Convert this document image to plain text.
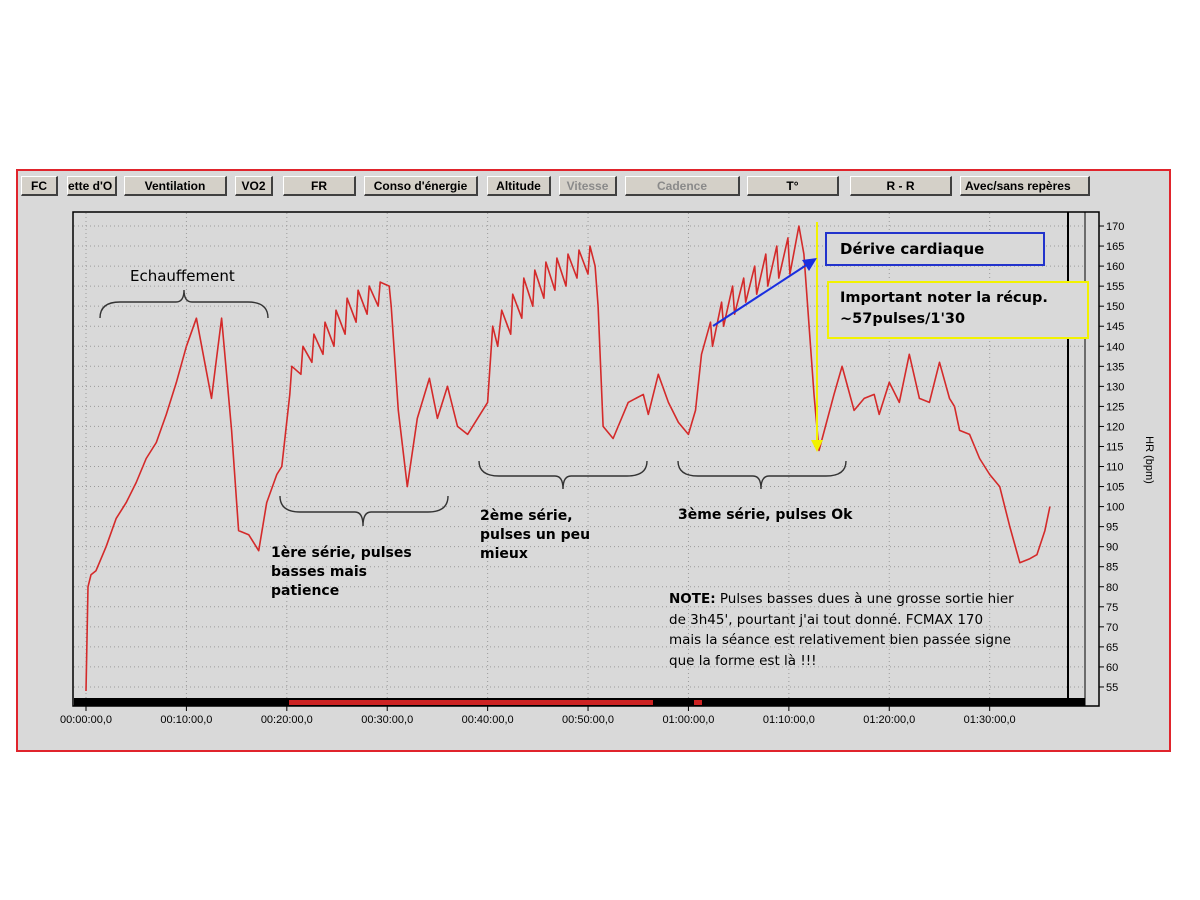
FC	ette d'O	Ventilation	VO2	FR	Conso d'énergie	Altitude	Vitesse	Cadence	T°	R - R	Avec/sans repères
55
60
65
70
75
80
85
90
95
100
105
110
115
120
125
130
135
140
145
150
155
160
165
170
00:00:00,0	00:10:00,0	00:20:00,0	00:30:00,0	00:40:00,0	00:50:00,0	01:00:00,0	01:10:00,0	01:20:00,0	01:30:00,0
HR (bpm)
Echauffement
1ère série, pulses basses mais patience
2ème série, pulses un peu mieux
3ème série, pulses Ok
Dérive cardiaque
Important noter la récup. ~57pulses/1'30
NOTE: Pulses basses dues à une grosse sortie hier de 3h45', pourtant j'ai tout donné. FCMAX 170 mais la séance est relativement bien passée signe que la forme est là !!!
